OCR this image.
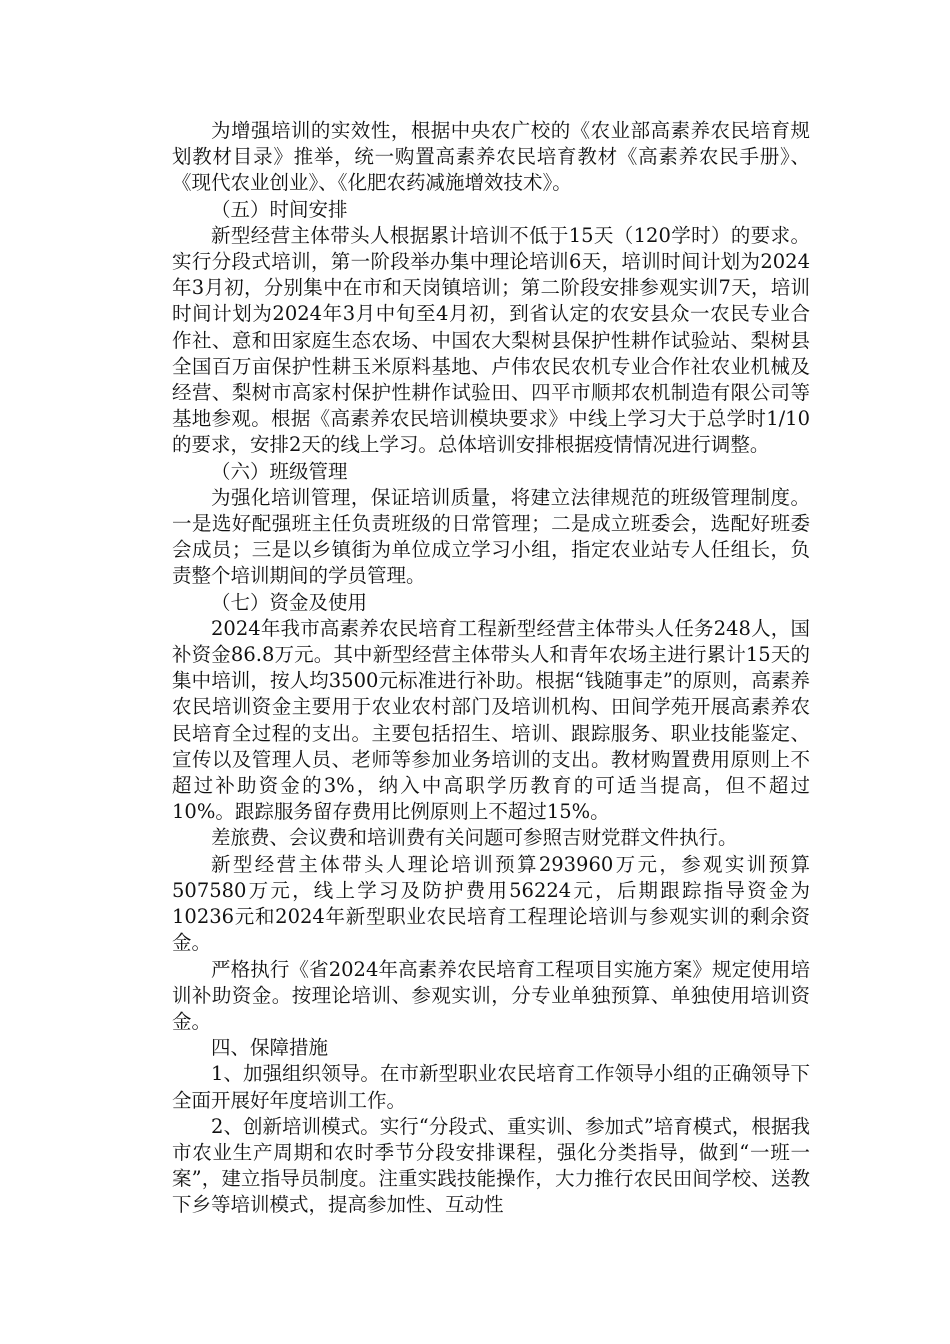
为增强培训的实效性，根据中央农广校的《农业部高素养农民培育规划教材目录》推举，统一购置高素养农民培育教材《高素养农民手册》、《现代农业创业》、《化肥农药减施增效技术》。

（五）时间安排

新型经营主体带头人根据累计培训不低于15天（120学时）的要求。实行分段式培训，第一阶段举办集中理论培训6天，培训时间计划为2024年3月初，分别集中在市和天岗镇培训；第二阶段安排参观实训7天，培训时间计划为2024年3月中旬至4月初，到省认定的农安县众一农民专业合作社、意和田家庭生态农场、中国农大梨树县保护性耕作试验站、梨树县全国百万亩保护性耕玉米原料基地、卢伟农民农机专业合作社农业机械及经营、梨树市高家村保护性耕作试验田、四平市顺邦农机制造有限公司等基地参观。根据《高素养农民培训模块要求》中线上学习大于总学时1/10的要求，安排2天的线上学习。总体培训安排根据疫情情况进行调整。

（六）班级管理

为强化培训管理，保证培训质量，将建立法律规范的班级管理制度。一是选好配强班主任负责班级的日常管理；二是成立班委会，选配好班委会成员；三是以乡镇街为单位成立学习小组，指定农业站专人任组长，负责整个培训期间的学员管理。

（七）资金及使用

2024年我市高素养农民培育工程新型经营主体带头人任务248人，国补资金86.8万元。其中新型经营主体带头人和青年农场主进行累计15天的集中培训，按人均3500元标准进行补助。根据“钱随事走”的原则，高素养农民培训资金主要用于农业农村部门及培训机构、田间学苑开展高素养农民培育全过程的支出。主要包括招生、培训、跟踪服务、职业技能鉴定、宣传以及管理人员、老师等参加业务培训的支出。教材购置费用原则上不超过补助资金的3%，纳入中高职学历教育的可适当提高，但不超过10%。跟踪服务留存费用比例原则上不超过15%。

差旅费、会议费和培训费有关问题可参照吉财党群文件执行。

新型经营主体带头人理论培训预算293960万元，参观实训预算507580万元，线上学习及防护费用56224元，后期跟踪指导资金为10236元和2024年新型职业农民培育工程理论培训与参观实训的剩余资金。

严格执行《省2024年高素养农民培育工程项目实施方案》规定使用培训补助资金。按理论培训、参观实训，分专业单独预算、单独使用培训资金。

四、保障措施

1、加强组织领导。在市新型职业农民培育工作领导小组的正确领导下全面开展好年度培训工作。

2、创新培训模式。实行“分段式、重实训、参加式”培育模式，根据我市农业生产周期和农时季节分段安排课程，强化分类指导，做到“一班一案”，建立指导员制度。注重实践技能操作，大力推行农民田间学校、送教下乡等培训模式，提高参加性、互动性
